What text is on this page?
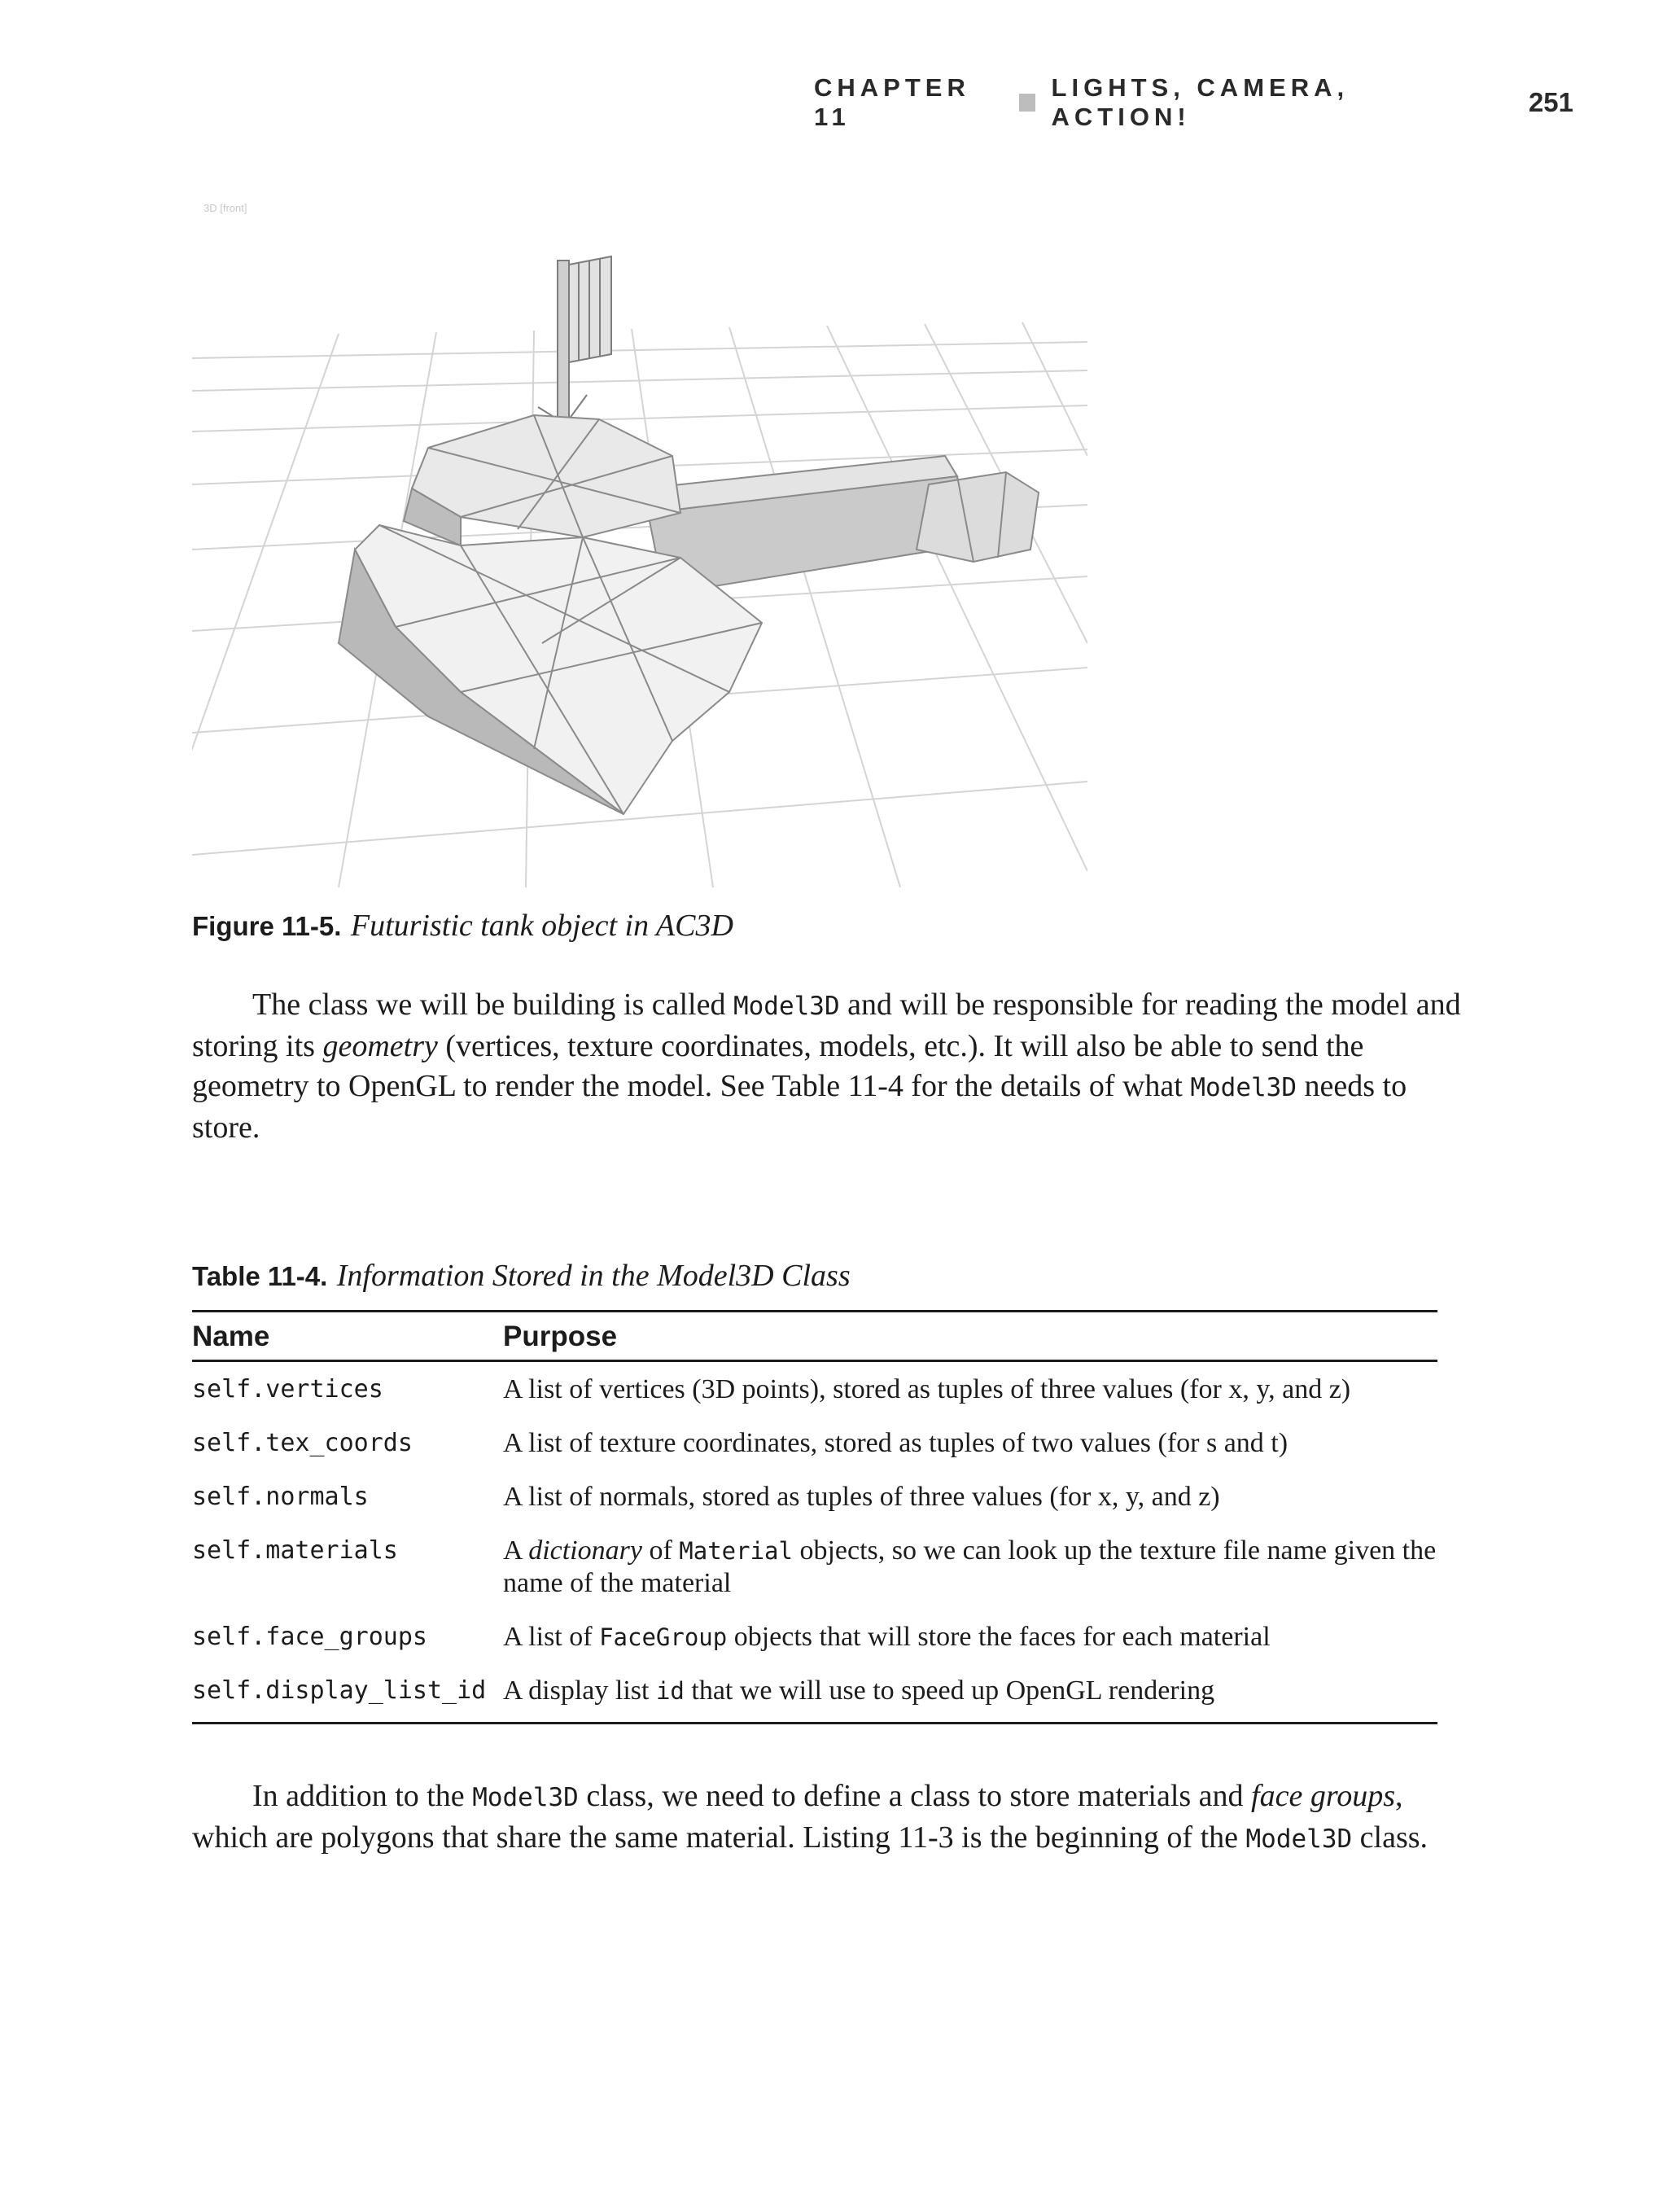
CHAPTER 11
LIGHTS, CAMERA, ACTION!	251
3D [front]
Figure 11-5. Futuristic tank object in AC3D

The class we will be building is called Model3D and will be responsible for reading the model and storing its geometry (vertices, texture coordinates, models, etc.). It will also be able to send the geometry to OpenGL to render the model. See Table 11-4 for the details of what Model3D needs to store.

Table 11-4. Information Stored in the Model3D Class
Name	Purpose
self.vertices	A list of vertices (3D points), stored as tuples of three values (for x, y, and z)
self.tex_coords	A list of texture coordinates, stored as tuples of two values (for s and t)
self.normals	A list of normals, stored as tuples of three values (for x, y, and z)
self.materials	A dictionary of Material objects, so we can look up the texture file name given the name of the material
self.face_groups	A list of FaceGroup objects that will store the faces for each material
self.display_list_id	A display list id that we will use to speed up OpenGL rendering

In addition to the Model3D class, we need to define a class to store materials and face groups, which are polygons that share the same material. Listing 11-3 is the beginning of the Model3D class.
